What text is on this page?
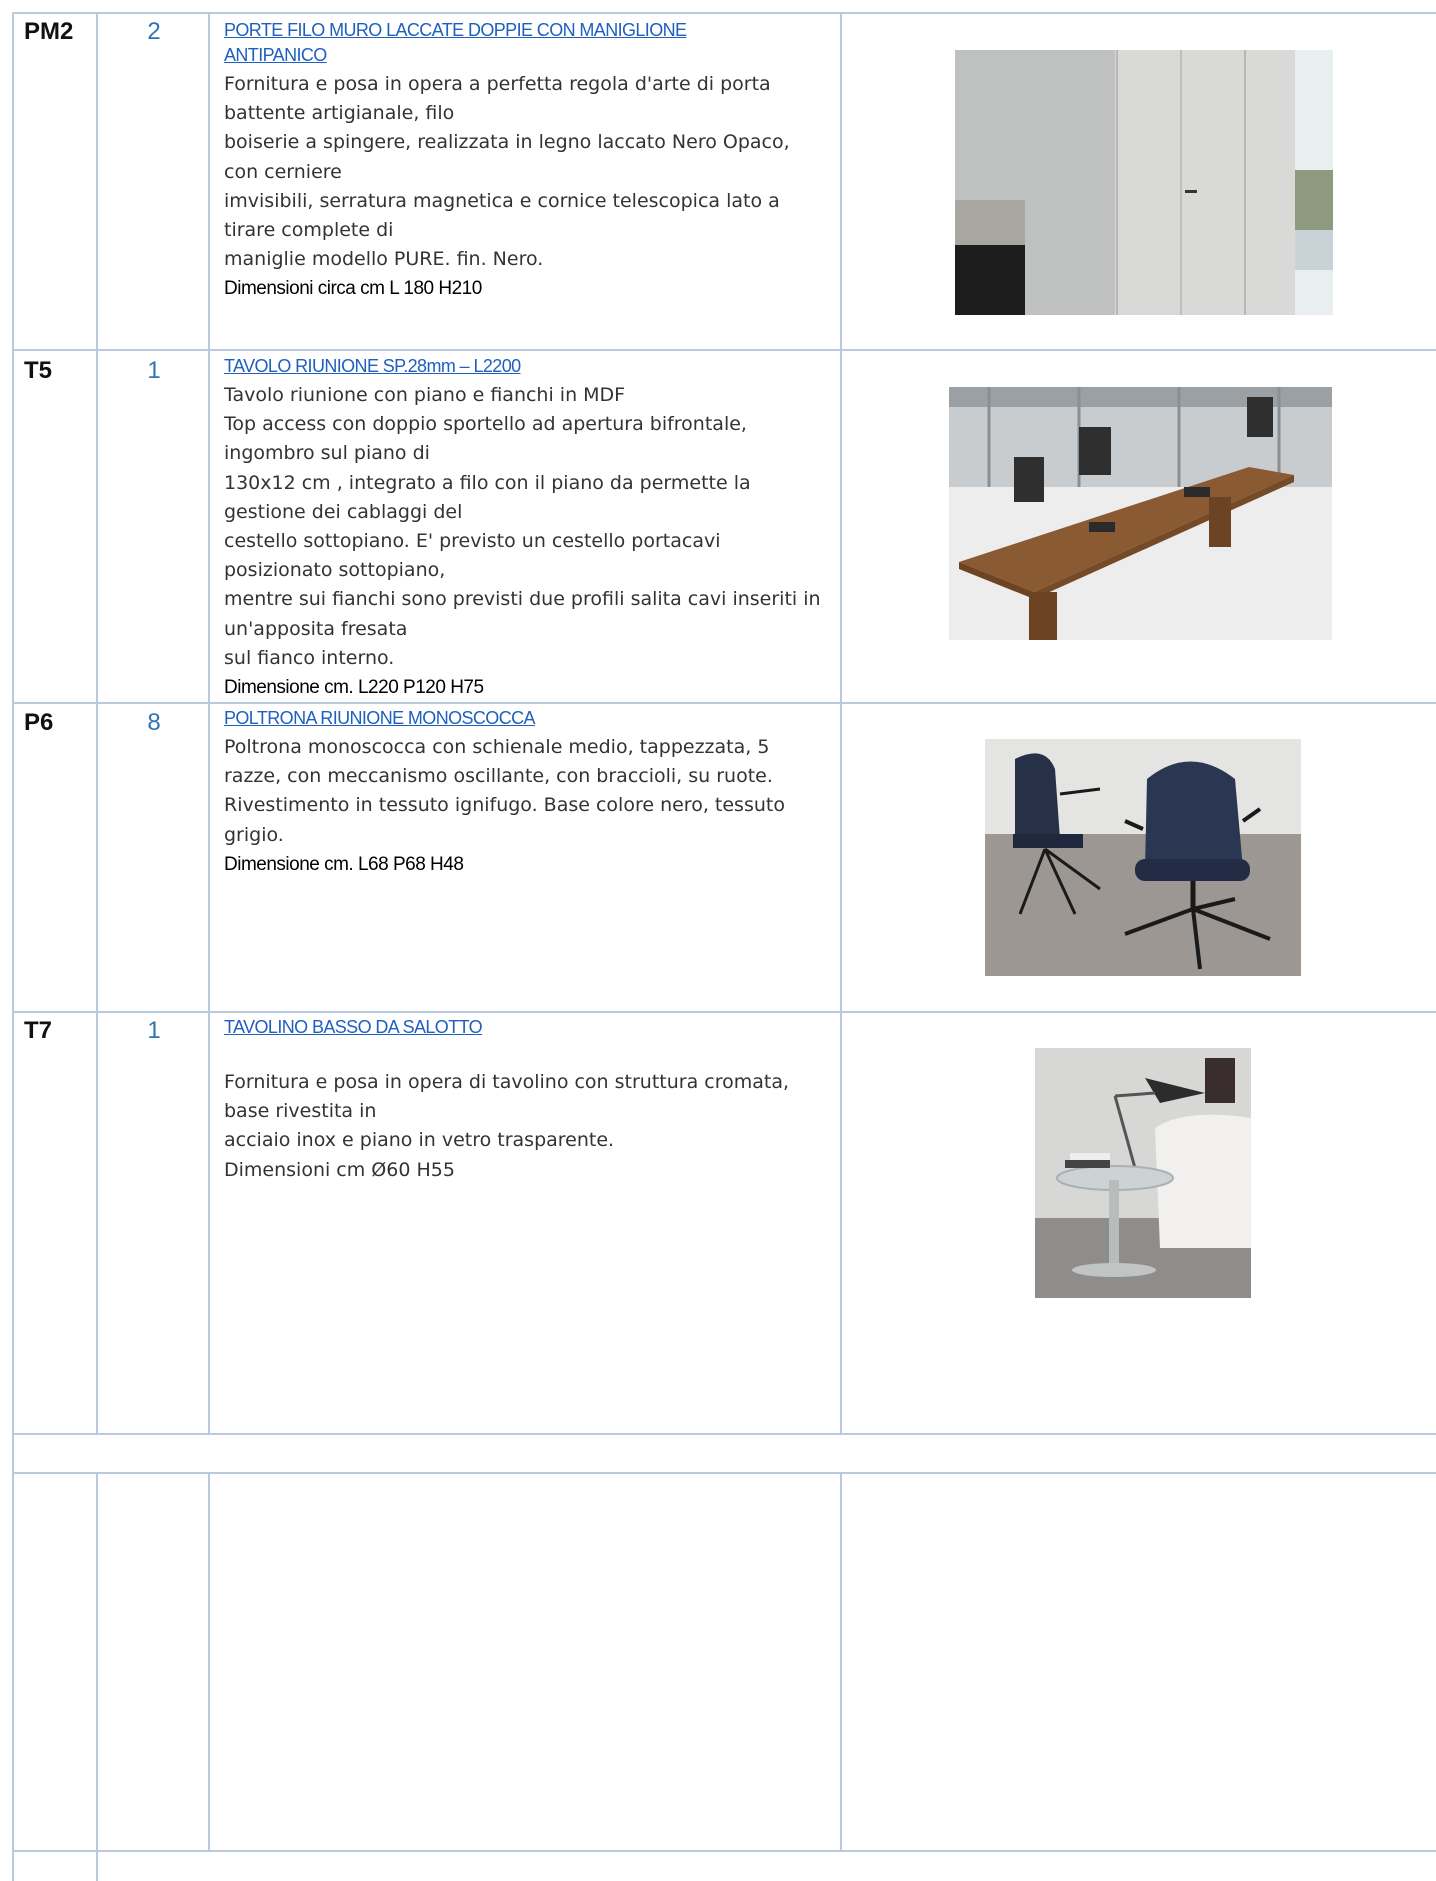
PM2	2	PORTE FILO MURO LACCATE DOPPIE CON MANIGLIONE
ANTIPANICO
Fornitura e posa in opera a perfetta regola d'arte di porta
battente artigianale, filo
boiserie a spingere, realizzata in legno laccato Nero Opaco,
con cerniere
imvisibili, serratura magnetica e cornice telescopica lato a
tirare complete di
maniglie modello PURE. fin. Nero.
Dimensioni circa cm L 180 H210
T5	1	TAVOLO RIUNIONE SP.28mm – L2200
Tavolo riunione con piano e fianchi in MDF
Top access con doppio sportello ad apertura bifrontale,
ingombro sul piano di
130x12 cm , integrato a filo con il piano da permette la
gestione dei cablaggi del
cestello sottopiano. E' previsto un cestello portacavi
posizionato sottopiano,
mentre sui fianchi sono previsti due profili salita cavi inseriti in
un'apposita fresata
sul fianco interno.
Dimensione cm. L220 P120 H75
P6	8	POLTRONA RIUNIONE MONOSCOCCA
Poltrona monoscocca con schienale medio, tappezzata, 5
razze, con meccanismo oscillante, con braccioli, su ruote.
Rivestimento in tessuto ignifugo. Base colore nero, tessuto
grigio.
Dimensione cm. L68 P68 H48
T7	1	TAVOLINO BASSO DA SALOTTO
Fornitura e posa in opera di tavolino con struttura cromata,
base rivestita in
acciaio inox e piano in vetro trasparente.
Dimensioni cm Ø60 H55
